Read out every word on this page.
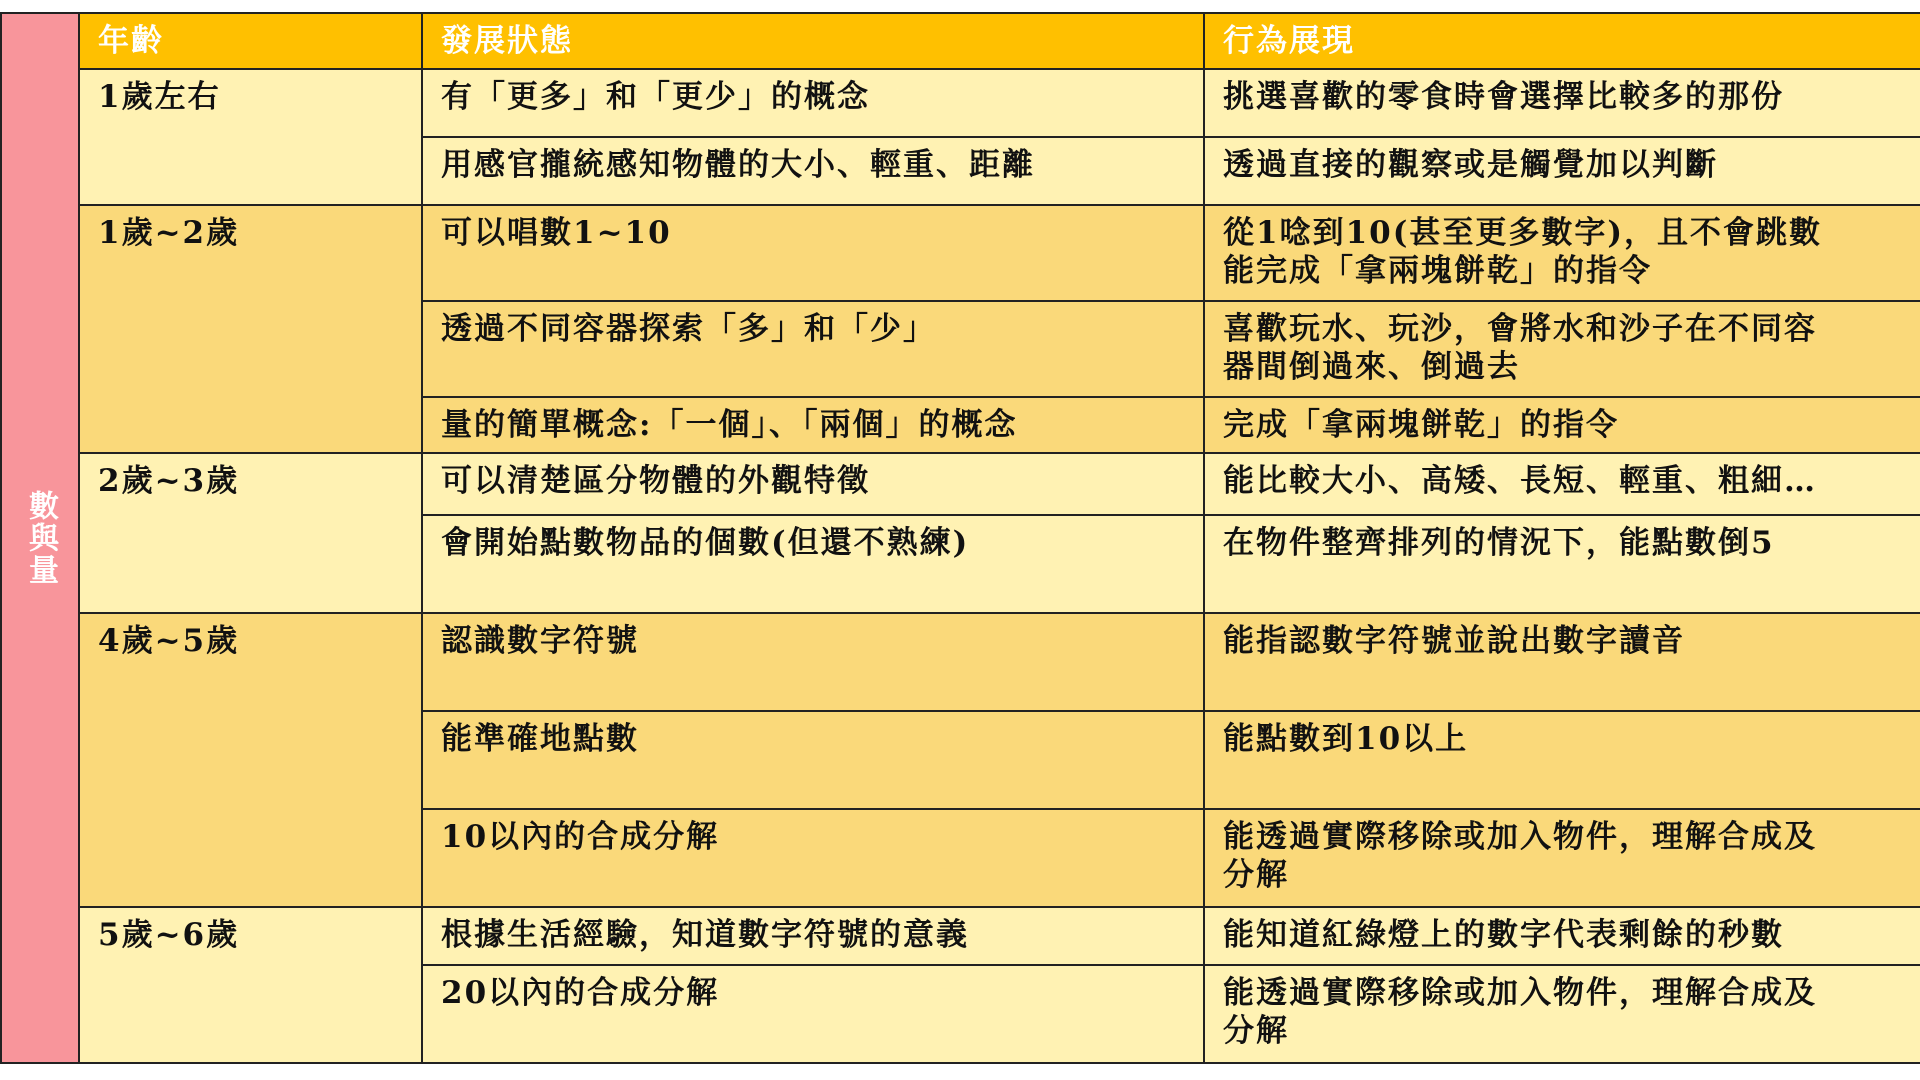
數與量	年齡	發展狀態	行為展現
	1歲左右	有「更多」和「更少」的概念	挑選喜歡的零食時會選擇比較多的那份

		用感官攏統感知物體的大小、輕重、距離	透過直接的觀察或是觸覺加以判斷

	1歲~2歲	可以唱數1~10	從1唸到10(甚至更多數字)，且不會跳數
能完成「拿兩塊餅乾」的指令

		透過不同容器探索「多」和「少」	喜歡玩水、玩沙，會將水和沙子在不同容
器間倒過來、倒過去

		量的簡單概念:「一個」、「兩個」的概念	完成「拿兩塊餅乾」的指令

	2歲~3歲	可以清楚區分物體的外觀特徵	能比較大小、高矮、長短、輕重、粗細…

		會開始點數物品的個數(但還不熟練)	在物件整齊排列的情況下，能點數倒5

	4歲~5歲	認識數字符號	能指認數字符號並說出數字讀音

		能準確地點數	能點數到10以上

		10以內的合成分解	能透過實際移除或加入物件，理解合成及
分解

	5歲~6歲	根據生活經驗，知道數字符號的意義	能知道紅綠燈上的數字代表剩餘的秒數

		20以內的合成分解	能透過實際移除或加入物件，理解合成及
分解
